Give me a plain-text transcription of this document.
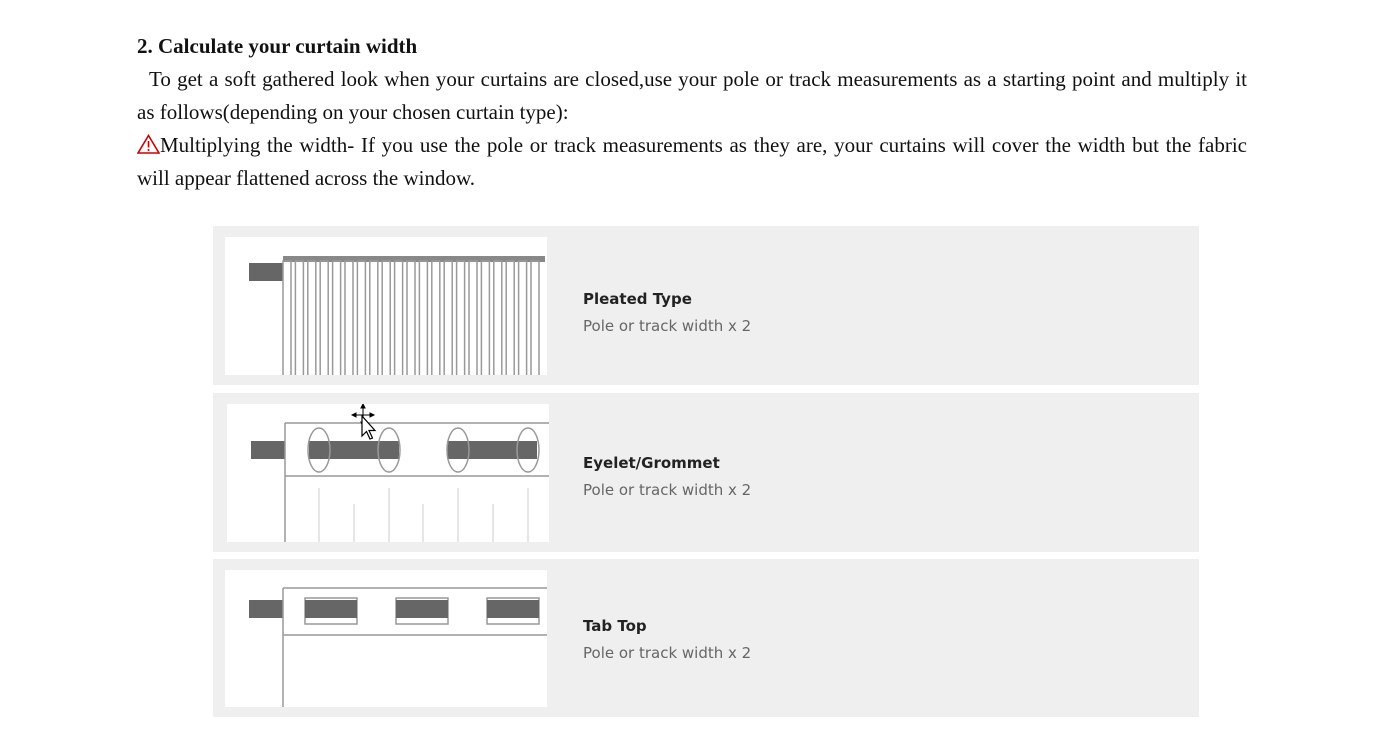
2. Calculate your curtain width

To get a soft gathered look when your curtains are closed,use your pole or track measurements as a starting point and multiply it as follows(depending on your chosen curtain type):

Multiplying the width- If you use the pole or track measurements as they are, your curtains will cover the width but the fabric will appear flattened across the window.

Pleated Type
Pole or track width x 2
Eyelet/Grommet
Pole or track width x 2
Tab Top
Pole or track width x 2
